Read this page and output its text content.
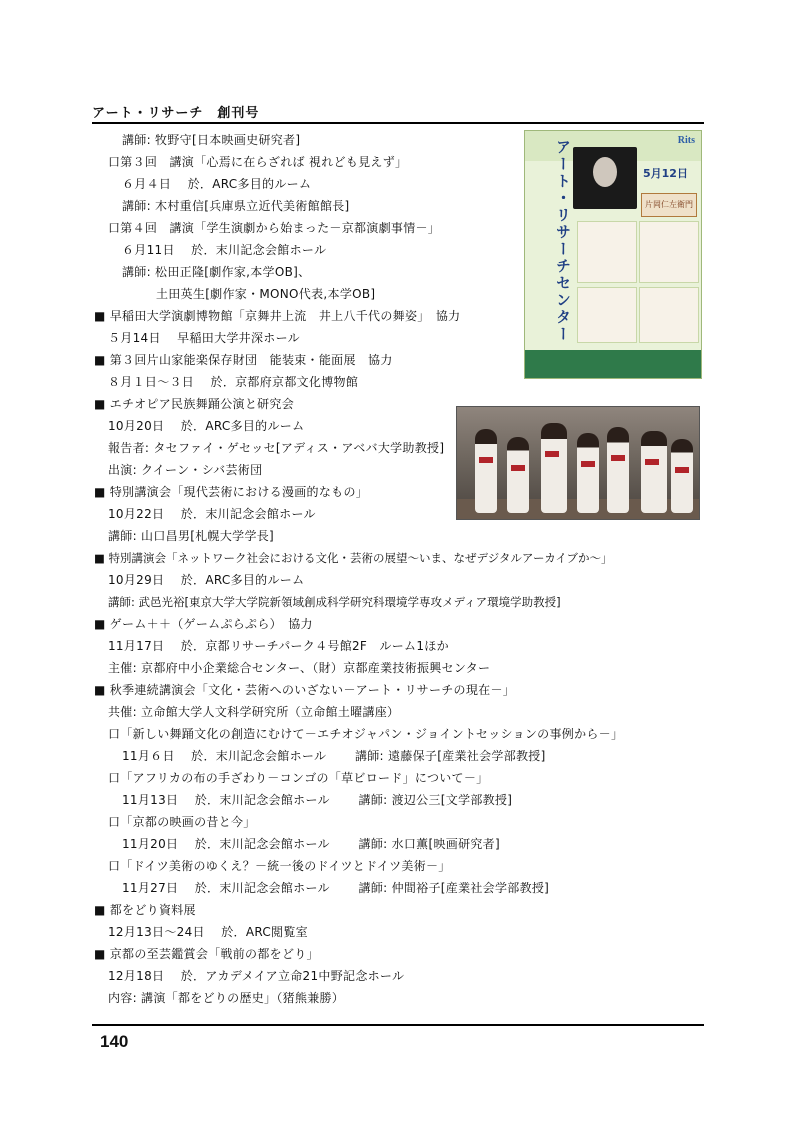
アート・リサーチ　創刊号
講師: 牧野守[日本映画史研究者]
口第３回　講演「心焉に在らざれば 視れども見えず」
６月４日　 於．ARC多目的ルーム
講師: 木村重信[兵庫県立近代美術館館長]
口第４回　講演「学生演劇から始まった－京都演劇事情－」
６月11日　 於．末川記念会館ホール
講師: 松田正隆[劇作家,本学OB]、
土田英生[劇作家・MONO代表,本学OB]
■ 早稲田大学演劇博物館「京舞井上流　井上八千代の舞姿」　協力
５月14日　 早稲田大学井深ホール
■ 第３回片山家能楽保存財団　能装束・能面展　協力
８月１日～３日　 於．京都府京都文化博物館
■ エチオピア民族舞踊公演と研究会
10月20日　 於．ARC多目的ルーム
報告者: タセファイ・ゲセッセ[アディス・アベバ大学助教授]
出演: クイーン・シバ芸術団
■ 特別講演会「現代芸術における漫画的なもの」
10月22日　 於．末川記念会館ホール
講師: 山口昌男[札幌大学学長]
■ 特別講演会「ネットワーク社会における文化・芸術の展望～いま、なぜデジタルアーカイブか～」
10月29日　 於．ARC多目的ルーム
講師: 武邑光裕[東京大学大学院新領域創成科学研究科環境学専攻メディア環境学助教授]
■ ゲーム＋＋（ゲームぷらぷら）　協力
11月17日　 於．京都リサーチパーク４号館2F　ルーム1ほか
主催: 京都府中小企業総合センター、（財）京都産業技術振興センター
■ 秋季連続講演会「文化・芸術へのいざない－アート・リサーチの現在－」
共催: 立命館大学人文科学研究所（立命館土曜講座）
口「新しい舞踊文化の創造にむけて－エチオジャパン・ジョイントセッションの事例から－」
11月６日　 於．末川記念会館ホール　　 講師: 遠藤保子[産業社会学部教授]
口「アフリカの布の手ざわり－コンゴの「草ビロード」について－」
11月13日　 於．末川記念会館ホール　　 講師: 渡辺公三[文学部教授]
口「京都の映画の昔と今」
11月20日　 於．末川記念会館ホール　　 講師: 水口薫[映画研究者]
口「ドイツ美術のゆくえ？－統一後のドイツとドイツ美術－」
11月27日　 於．末川記念会館ホール　　 講師: 仲間裕子[産業社会学部教授]
■ 都をどり資料展
12月13日～24日　 於．ARC閲覧室
■ 京都の至芸鑑賞会「戦前の都をどり」
12月18日　 於．アカデメイア立命21中野記念ホール
内容: 講演「都をどりの歴史」（猪熊兼勝）
Rits
アート・リサーチセンター	5月12日
片岡仁左衛門
140
